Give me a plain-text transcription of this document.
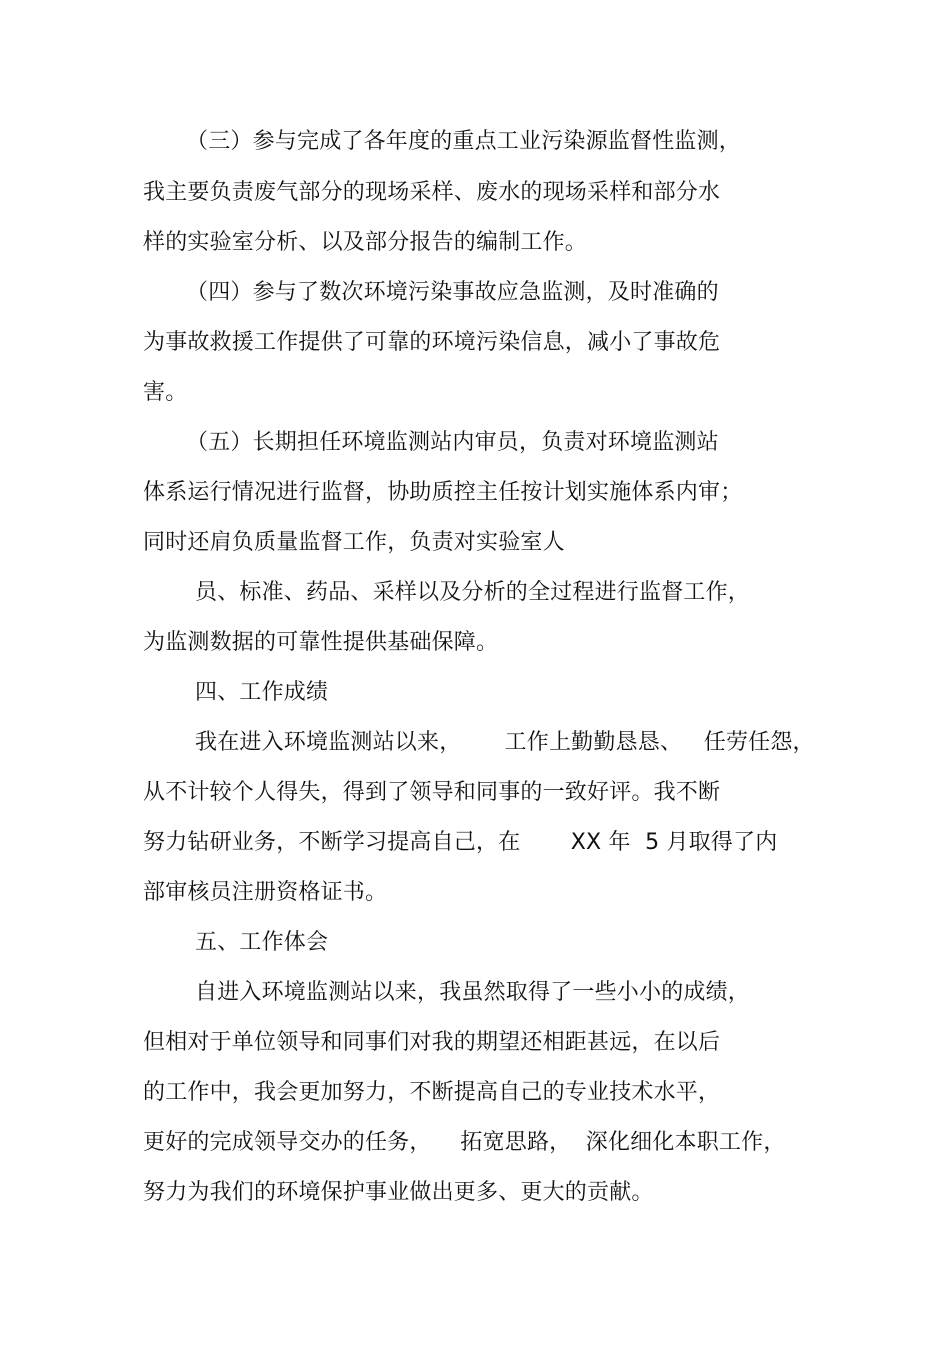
（三）参与完成了各年度的重点工业污染源监督性监测，
我主要负责废气部分的现场采样、废水的现场采样和部分水
样的实验室分析、以及部分报告的编制工作。
（四）参与了数次环境污染事故应急监测，及时准确的
为事故救援工作提供了可靠的环境污染信息，减小了事故危
害。
（五）长期担任环境监测站内审员，负责对环境监测站
体系运行情况进行监督，协助质控主任按计划实施体系内审；
同时还肩负质量监督工作，负责对实验室人
员、标准、药品、采样以及分析的全过程进行监督工作，
为监测数据的可靠性提供基础保障。
四、工作成绩
我在进入环境监测站以来，      工作上勤勤恳恳、   任劳任怨，
从不计较个人得失，得到了领导和同事的一致好评。我不断
努力钻研业务，不断学习提高自己，在       XX 年  5 月取得了内
部审核员注册资格证书。
五、工作体会
自进入环境监测站以来，我虽然取得了一些小小的成绩，
但相对于单位领导和同事们对我的期望还相距甚远，在以后
的工作中，我会更加努力，不断提高自己的专业技术水平，
更好的完成领导交办的任务，    拓宽思路，  深化细化本职工作，
努力为我们的环境保护事业做出更多、更大的贡献。
